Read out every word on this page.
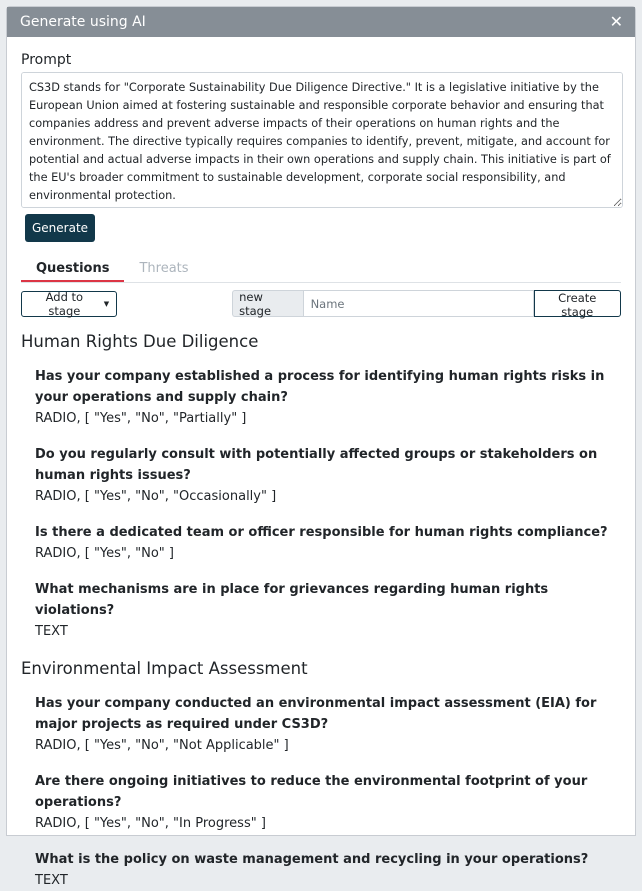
Generate using AI	✕
Prompt
CS3D stands for "Corporate Sustainability Due Diligence Directive." It is a legislative initiative by the European Union aimed at fostering sustainable and responsible corporate behavior and ensuring that companies address and prevent adverse impacts of their operations on human rights and the environment. The directive typically requires companies to identify, prevent, mitigate, and account for potential and actual adverse impacts in their own operations and supply chain. This initiative is part of the EU's broader commitment to sustainable development, corporate social responsibility, and environmental protection. Generate
Questions	Threats
Add to stage	▼	new stage
Name
Create stage
Human Rights Due Diligence
Has your company established a process for identifying human rights risks in your operations and supply chain?
RADIO, [ "Yes", "No", "Partially" ]
Do you regularly consult with potentially affected groups or stakeholders on human rights issues?
RADIO, [ "Yes", "No", "Occasionally" ]
Is there a dedicated team or officer responsible for human rights compliance?
RADIO, [ "Yes", "No" ]
What mechanisms are in place for grievances regarding human rights violations?
TEXT
Environmental Impact Assessment
Has your company conducted an environmental impact assessment (EIA) for major projects as required under CS3D?
RADIO, [ "Yes", "No", "Not Applicable" ]
Are there ongoing initiatives to reduce the environmental footprint of your operations?
RADIO, [ "Yes", "No", "In Progress" ]
What is the policy on waste management and recycling in your operations?
TEXT
